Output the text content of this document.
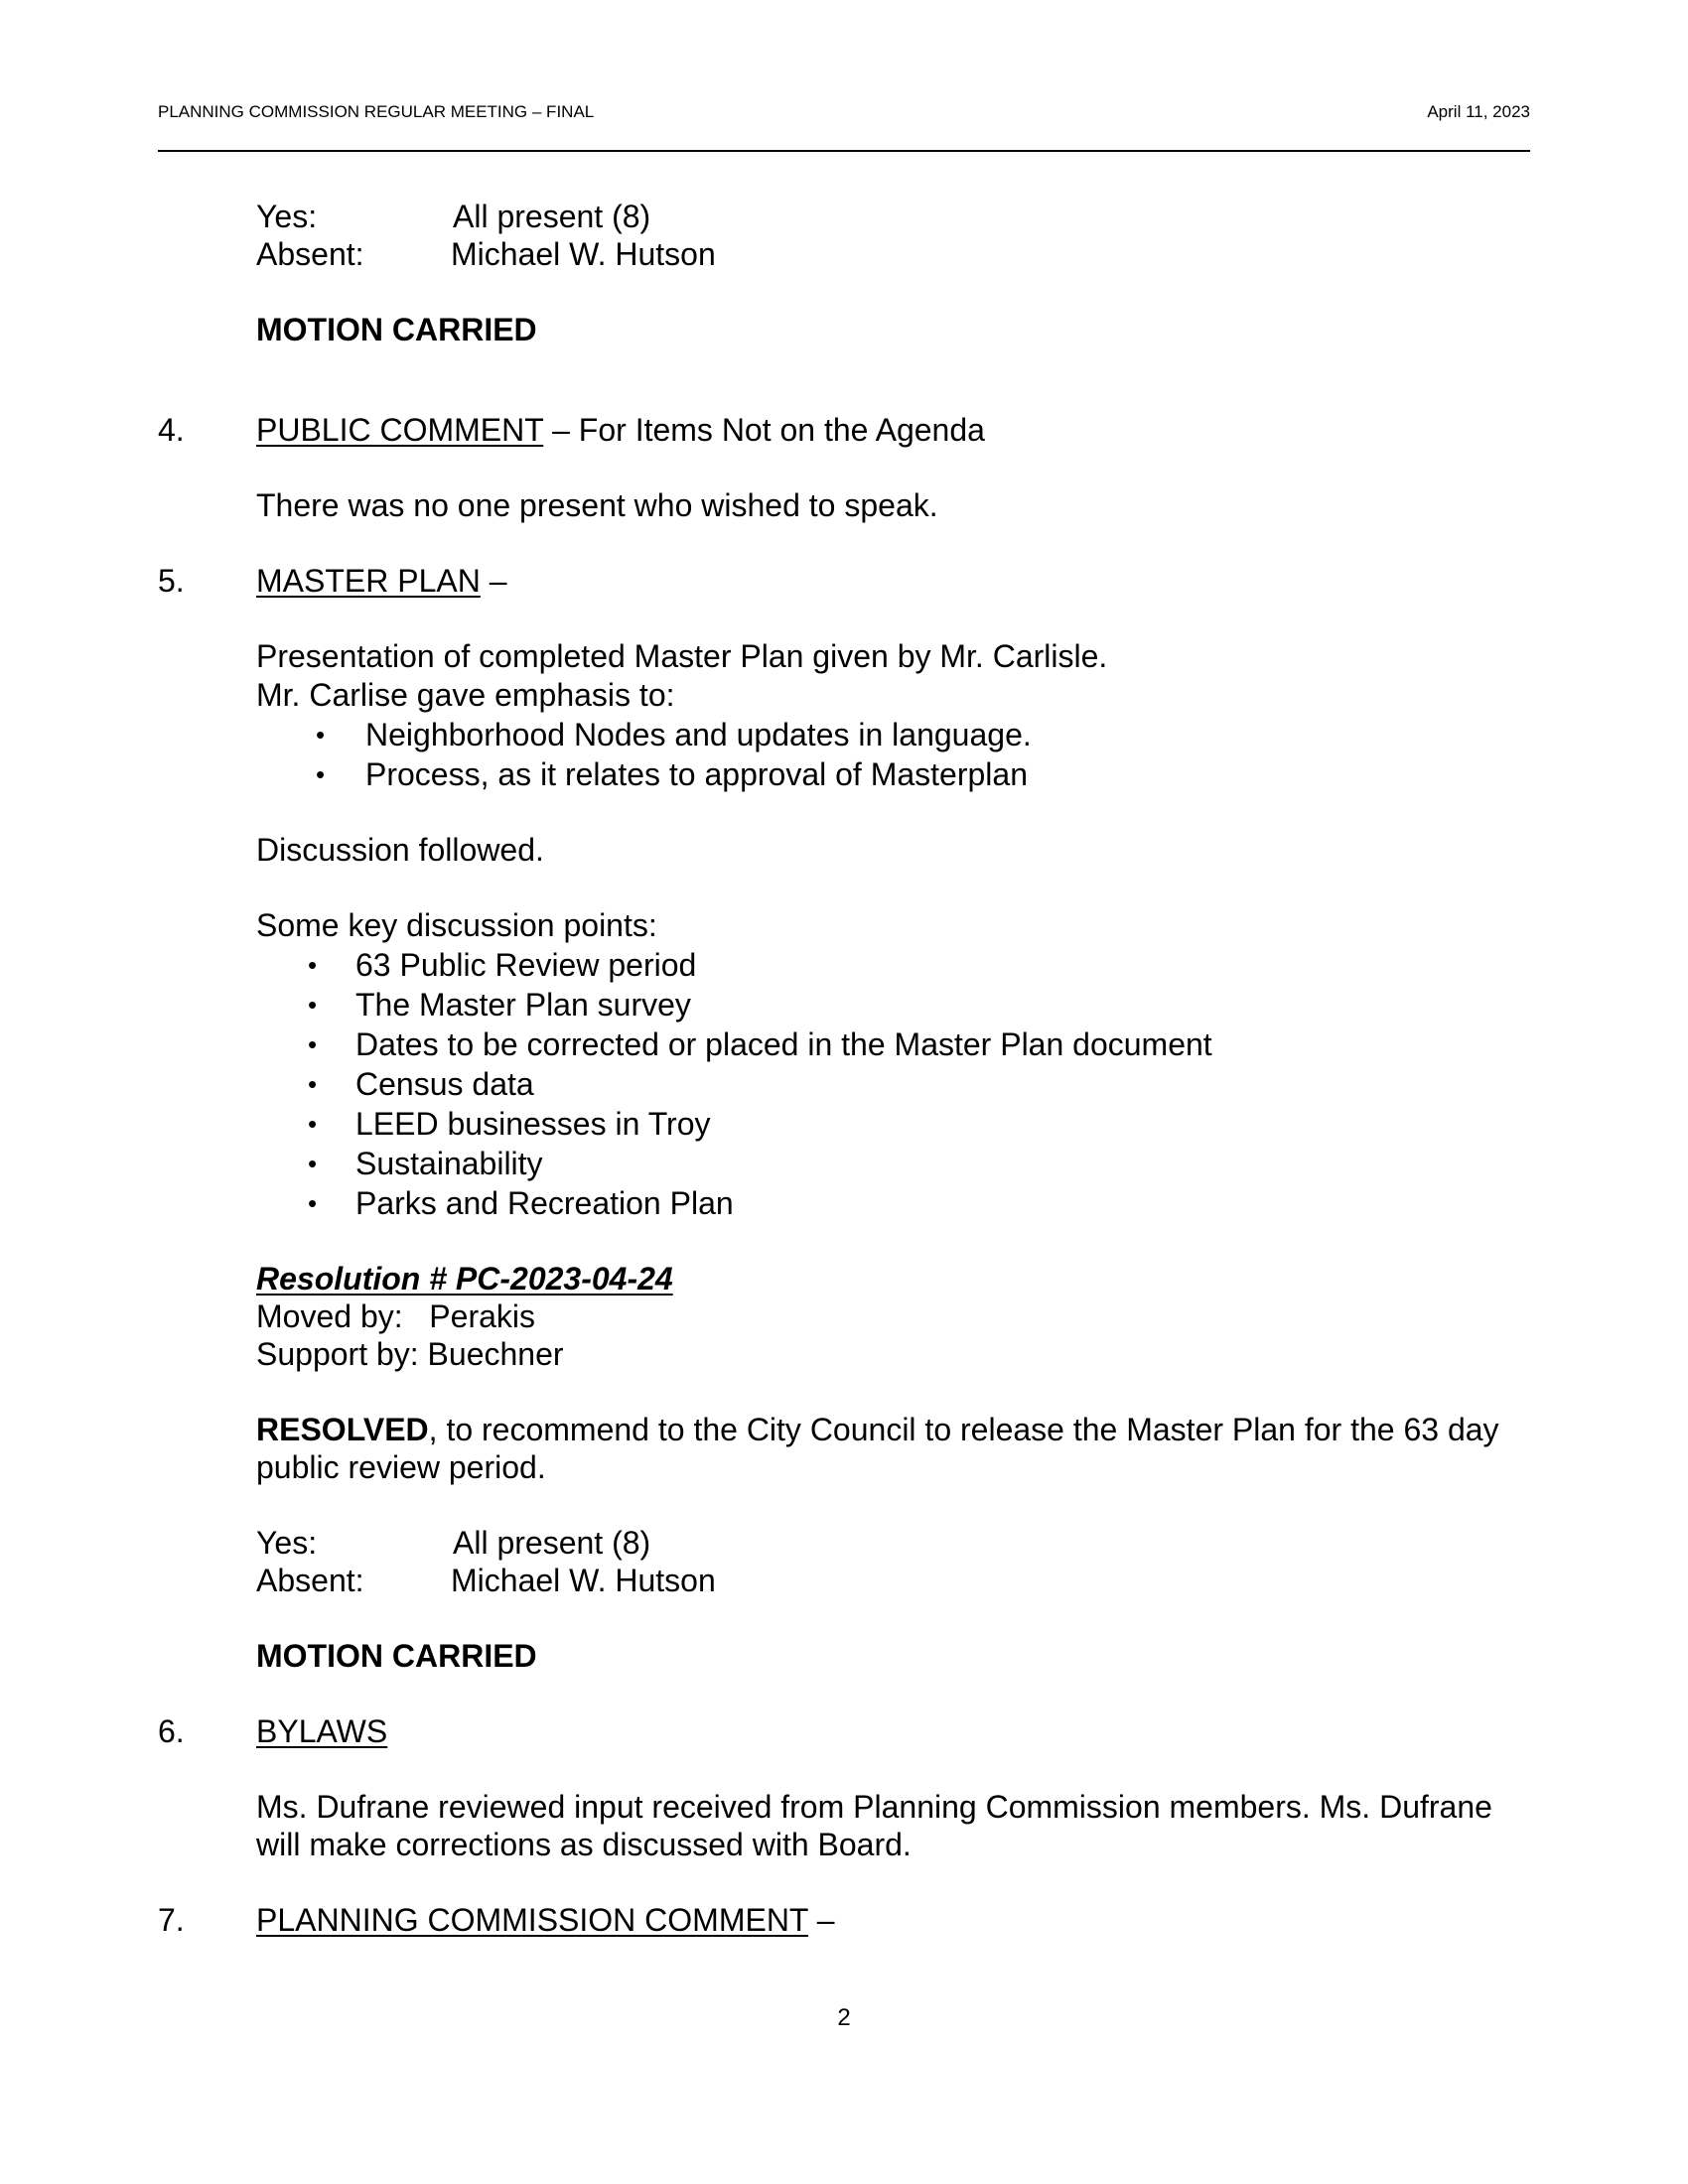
PLANNING COMMISSION REGULAR MEETING – FINAL	April 11, 2023
Yes:	All present (8)
Absent:	Michael W. Hutson
MOTION CARRIED
4. PUBLIC COMMENT – For Items Not on the Agenda
There was no one present who wished to speak.
5. MASTER PLAN –
Presentation of completed Master Plan given by Mr. Carlisle.
Mr. Carlise gave emphasis to:
• Neighborhood Nodes and updates in language.
• Process, as it relates to approval of Masterplan
Discussion followed.
Some key discussion points:
• 63 Public Review period
• The Master Plan survey
• Dates to be corrected or placed in the Master Plan document
• Census data
• LEED businesses in Troy
• Sustainability
• Parks and Recreation Plan
Resolution # PC-2023-04-24
Moved by:   Perakis
Support by: Buechner
RESOLVED, to recommend to the City Council to release the Master Plan for the 63 day
public review period.
Yes:	All present (8)
Absent:	Michael W. Hutson
MOTION CARRIED
6. BYLAWS
Ms. Dufrane reviewed input received from Planning Commission members. Ms. Dufrane
will make corrections as discussed with Board.
7. PLANNING COMMISSION COMMENT –
2
